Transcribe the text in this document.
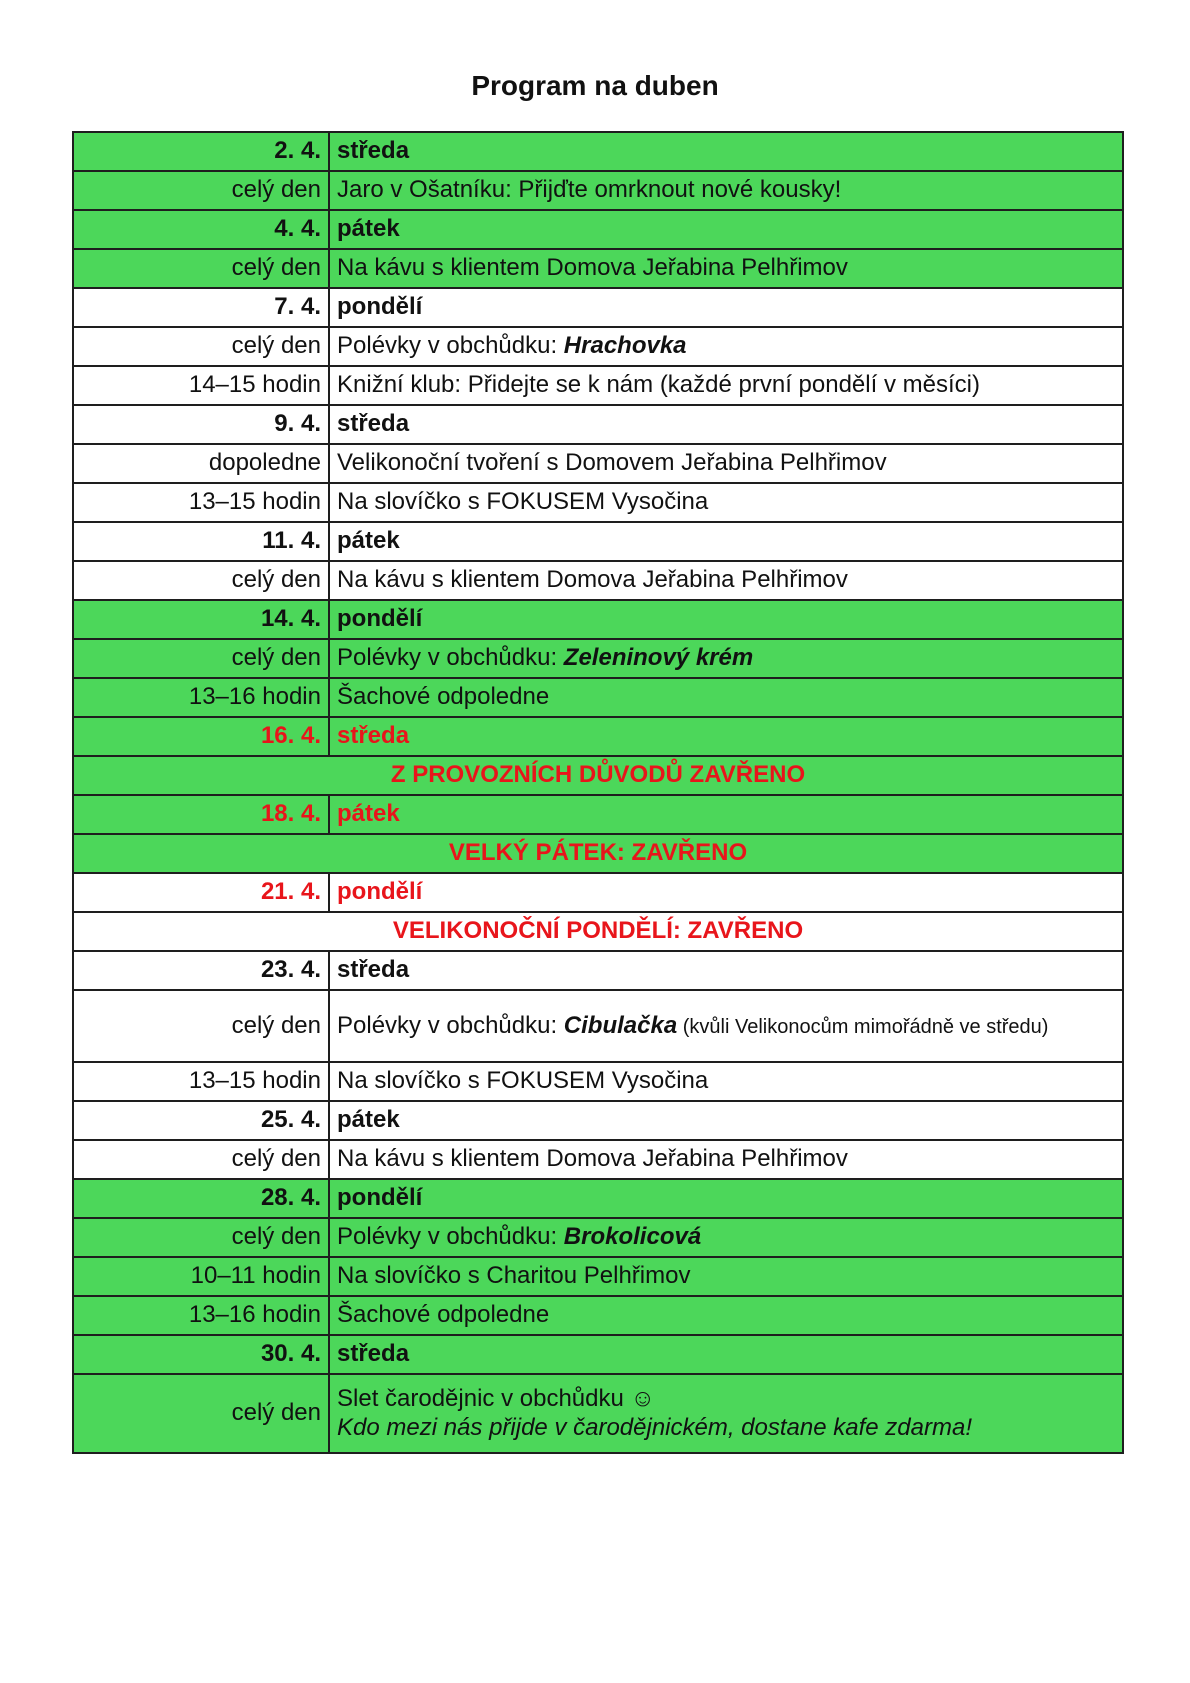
Program na duben
2. 4.	středa
celý den	Jaro v Ošatníku: Přijďte omrknout nové kousky!
4. 4.	pátek
celý den	Na kávu s klientem Domova Jeřabina Pelhřimov
7. 4.	pondělí
celý den	Polévky v obchůdku: Hrachovka
14–15 hodin	Knižní klub: Přidejte se k nám (každé první pondělí v měsíci)
9. 4.	středa
dopoledne	Velikonoční tvoření s Domovem Jeřabina Pelhřimov
13–15 hodin	Na slovíčko s FOKUSEM Vysočina
11. 4.	pátek
celý den	Na kávu s klientem Domova Jeřabina Pelhřimov
14. 4.	pondělí
celý den	Polévky v obchůdku: Zeleninový krém
13–16 hodin	Šachové odpoledne
16. 4.	středa
Z PROVOZNÍCH DŮVODŮ ZAVŘENO	
18. 4.	pátek
VELKÝ PÁTEK: ZAVŘENO	
21. 4.	pondělí
VELIKONOČNÍ PONDĚLÍ: ZAVŘENO	
23. 4.	středa
celý den	Polévky v obchůdku: Cibulačka (kvůli Velikonocům mimořádně ve středu)
13–15 hodin	Na slovíčko s FOKUSEM Vysočina
25. 4.	pátek
celý den	Na kávu s klientem Domova Jeřabina Pelhřimov
28. 4.	pondělí
celý den	Polévky v obchůdku: Brokolicová
10–11 hodin	Na slovíčko s Charitou Pelhřimov
13–16 hodin	Šachové odpoledne
30. 4.	středa
celý den	Slet čarodějnic v obchůdku ☺
Kdo mezi nás přijde v čarodějnickém, dostane kafe zdarma!
